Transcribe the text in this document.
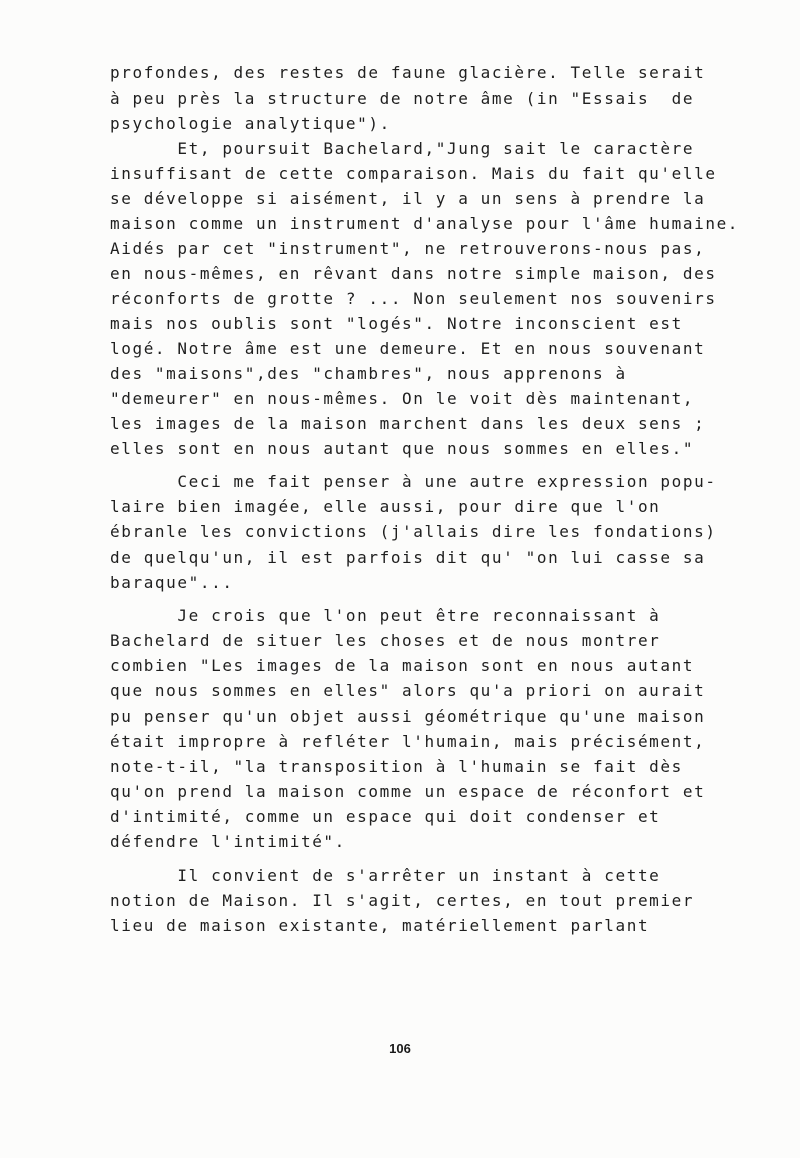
profondes, des restes de faune glacière. Telle serait

à peu près la structure de notre âme (in "Essais  de

psychologie analytique").

Et, poursuit Bachelard,"Jung sait le caractère

insuffisant de cette comparaison. Mais du fait qu'elle

se développe si aisément, il y a un sens à prendre la

maison comme un instrument d'analyse pour l'âme humaine.

Aidés par cet "instrument", ne retrouverons-nous pas,

en nous-mêmes, en rêvant dans notre simple maison, des

réconforts de grotte ? ... Non seulement nos souvenirs

mais nos oublis sont "logés". Notre inconscient est

logé. Notre âme est une demeure. Et en nous souvenant

des "maisons",des "chambres", nous apprenons à

"demeurer" en nous-mêmes. On le voit dès maintenant,

les images de la maison marchent dans les deux sens ;

elles sont en nous autant que nous sommes en elles."

Ceci me fait penser à une autre expression popu-

laire bien imagée, elle aussi, pour dire que l'on

ébranle les convictions (j'allais dire les fondations)

de quelqu'un, il est parfois dit qu' "on lui casse sa

baraque"...

Je crois que l'on peut être reconnaissant à

Bachelard de situer les choses et de nous montrer

combien "Les images de la maison sont en nous autant

que nous sommes en elles" alors qu'a priori on aurait

pu penser qu'un objet aussi géométrique qu'une maison

était impropre à refléter l'humain, mais précisément,

note-t-il, "la transposition à l'humain se fait dès

qu'on prend la maison comme un espace de réconfort et

d'intimité, comme un espace qui doit condenser et

défendre l'intimité".

Il convient de s'arrêter un instant à cette

notion de Maison. Il s'agit, certes, en tout premier

lieu de maison existante, matériellement parlant

106
